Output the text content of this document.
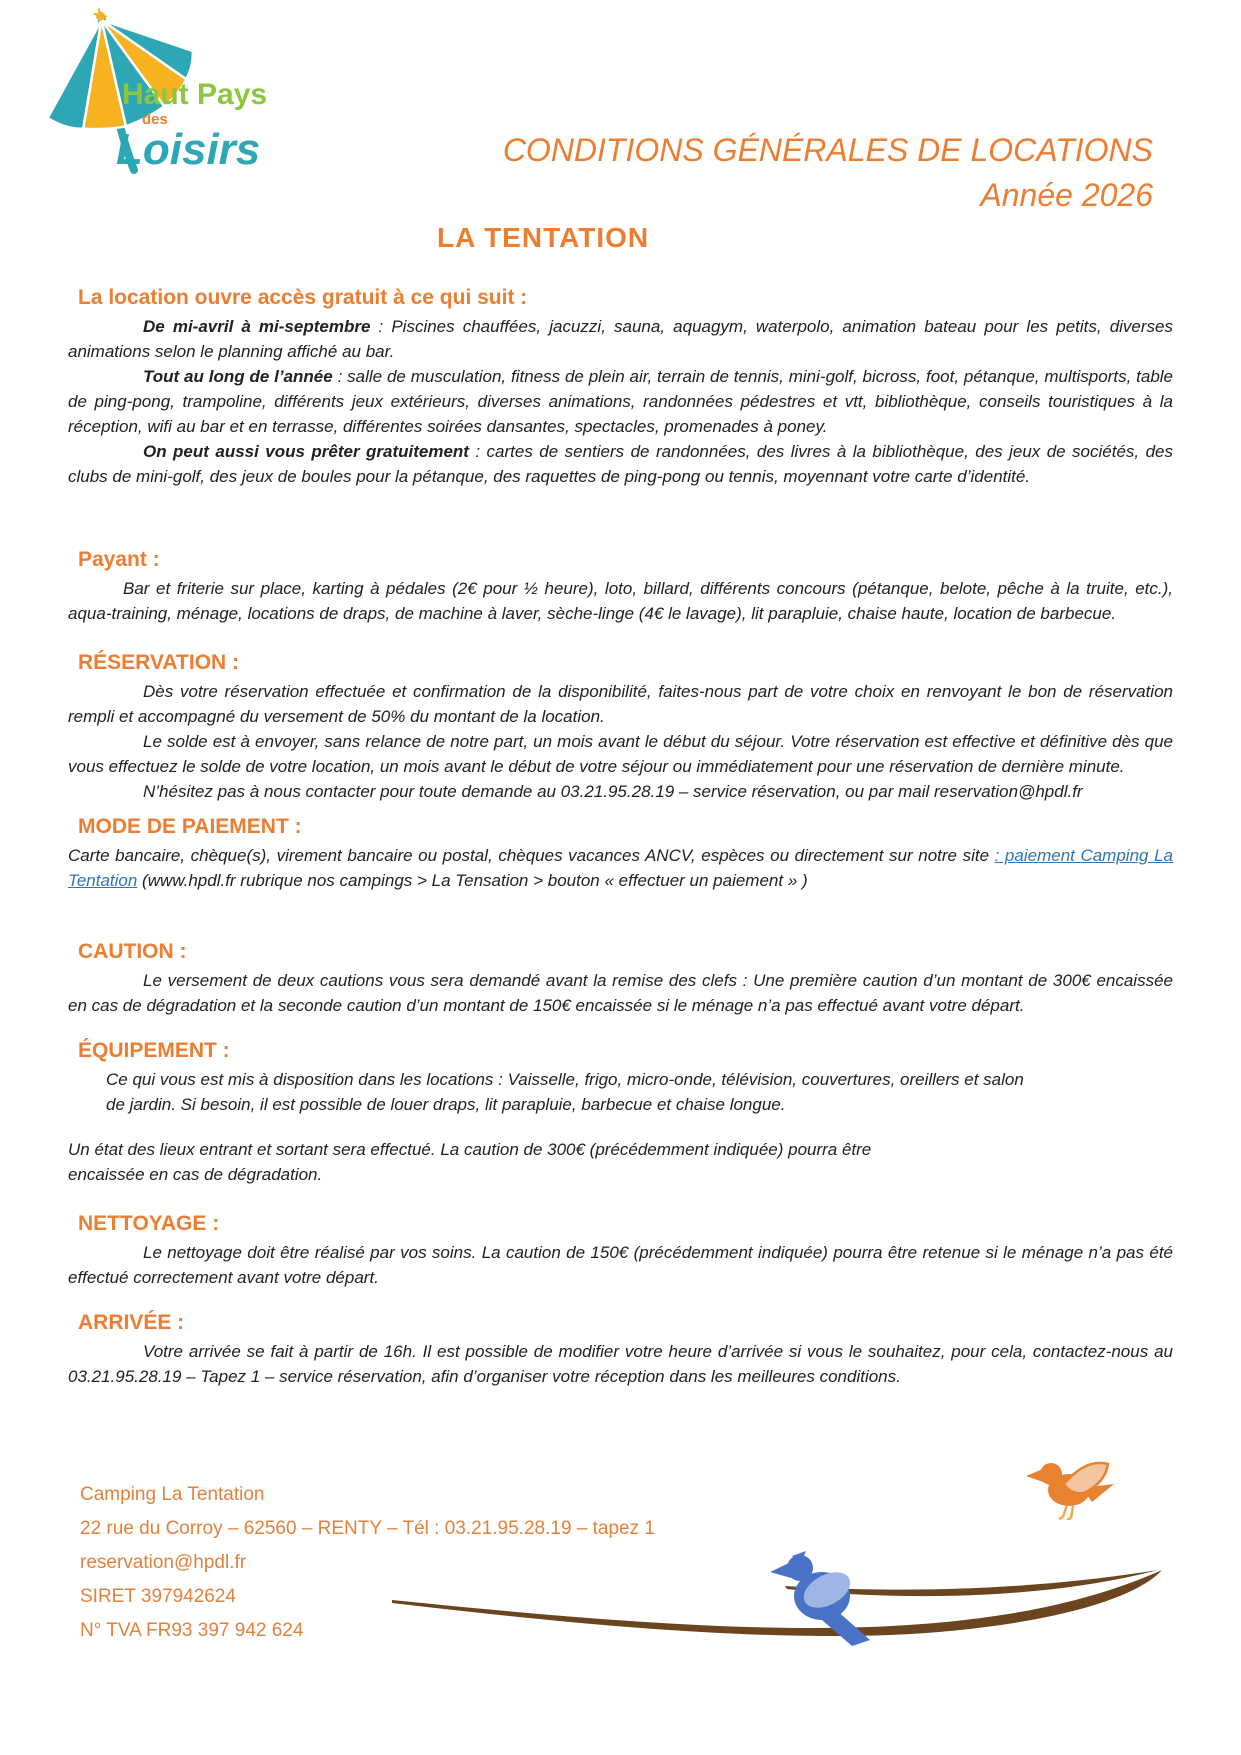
Haut Pays
des
Loisirs	CONDITIONS GÉNÉRALES DE LOCATIONS
Année 2026
LA TENTATION
La location ouvre accès gratuit à ce qui suit :

De mi-avril à mi-septembre : Piscines chauffées, jacuzzi, sauna, aquagym, waterpolo, animation bateau pour les petits, diverses animations selon le planning affiché au bar.

Tout au long de l’année : salle de musculation, fitness de plein air, terrain de tennis, mini-golf, bicross, foot, pétanque, multisports, table de ping-pong, trampoline, différents jeux extérieurs, diverses animations, randonnées pédestres et vtt, bibliothèque, conseils touristiques à la réception, wifi au bar et en terrasse, différentes soirées dansantes, spectacles, promenades à poney.

On peut aussi vous prêter gratuitement : cartes de sentiers de randonnées, des livres à la bibliothèque, des jeux de sociétés, des clubs de mini-golf, des jeux de boules pour la pétanque, des raquettes de ping-pong ou tennis, moyennant votre carte d’identité.

Payant :

Bar et friterie sur place, karting à pédales (2€ pour ½ heure), loto, billard, différents concours (pétanque, belote, pêche à la truite, etc.), aqua-training, ménage, locations de draps, de machine à laver, sèche-linge (4€ le lavage), lit parapluie, chaise haute, location de barbecue.

RÉSERVATION :

Dès votre réservation effectuée et confirmation de la disponibilité, faites-nous part de votre choix en renvoyant le bon de réservation rempli et accompagné du versement de 50% du montant de la location.

Le solde est à envoyer, sans relance de notre part, un mois avant le début du séjour. Votre réservation est effective et définitive dès que vous effectuez le solde de votre location, un mois avant le début de votre séjour ou immédiatement pour une réservation de dernière minute.

N’hésitez pas à nous contacter pour toute demande au 03.21.95.28.19 – service réservation, ou par mail reservation@hpdl.fr

MODE DE PAIEMENT :

Carte bancaire, chèque(s), virement bancaire ou postal, chèques vacances ANCV, espèces ou directement sur notre site : paiement Camping La Tentation (www.hpdl.fr rubrique nos campings > La Tensation > bouton « effectuer un paiement » )

CAUTION :

Le versement de deux cautions vous sera demandé avant la remise des clefs : Une première caution d’un montant de 300€ encaissée en cas de dégradation et la seconde caution d’un montant de 150€ encaissée si le ménage n’a pas effectué avant votre départ.

ÉQUIPEMENT :

Ce qui vous est mis à disposition dans les locations : Vaisselle, frigo, micro-onde, télévision, couvertures, oreillers et salon de jardin. Si besoin, il est possible de louer draps, lit parapluie, barbecue et chaise longue.

Un état des lieux entrant et sortant sera effectué. La caution de 300€ (précédemment indiquée) pourra être encaissée en cas de dégradation.

NETTOYAGE :

Le nettoyage doit être réalisé par vos soins. La caution de 150€ (précédemment indiquée) pourra être retenue si le ménage n’a pas été effectué correctement avant votre départ.

ARRIVÉE :

Votre arrivée se fait à partir de 16h. Il est possible de modifier votre heure d’arrivée si vous le souhaitez, pour cela, contactez-nous au 03.21.95.28.19 – Tapez 1 – service réservation, afin d’organiser votre réception dans les meilleures conditions.

Camping La Tentation
22 rue du Corroy – 62560 – RENTY – Tél : 03.21.95.28.19 – tapez 1
reservation@hpdl.fr
SIRET 397942624
N° TVA FR93 397 942 624
